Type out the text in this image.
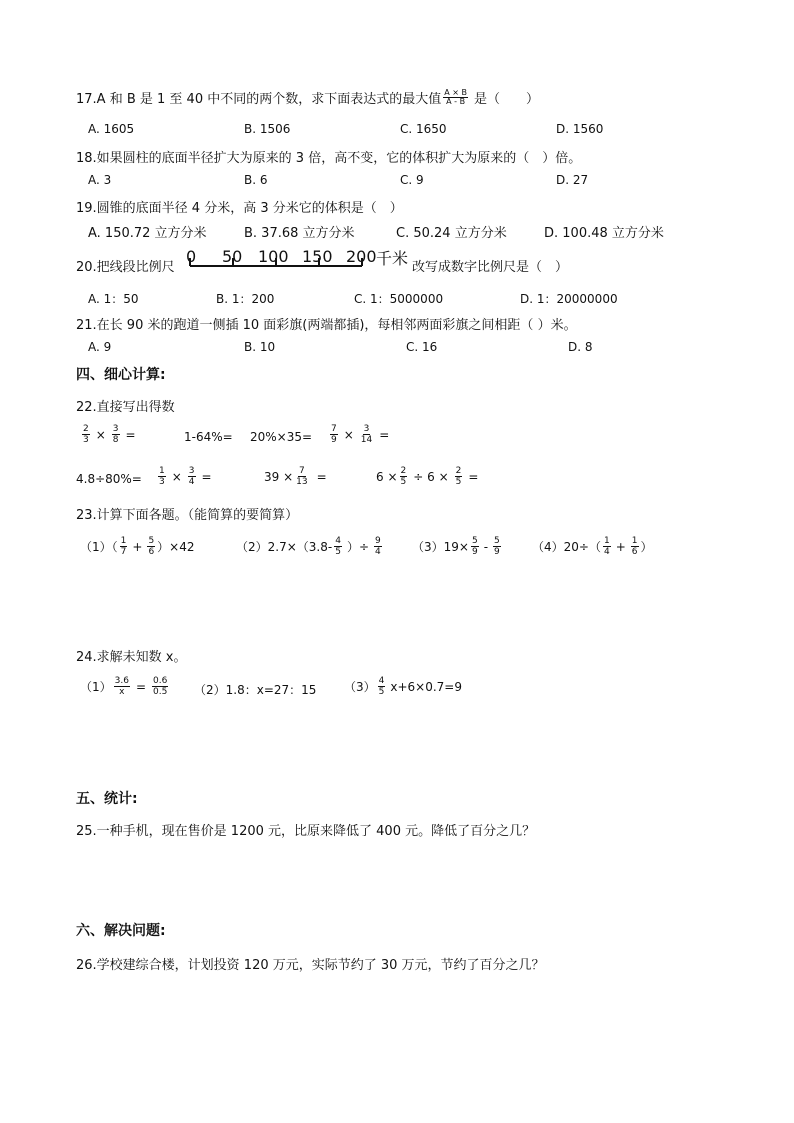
17.A 和 B 是 1 至 40 中不同的两个数，求下面表达式的最大值 $\frac{A \times B}{A - B}$ 是（　　）
A. 1605	B. 1506	C. 1650	D. 1560
18.如果圆柱的底面半径扩大为原来的 3 倍，高不变，它的体积扩大为原来的（　）倍。
A. 3	B. 6	C. 9	D. 27
19.圆锥的底面半径 4 分米，高 3 分米它的体积是（　）
A. 150.72 立方分米	B. 37.68 立方分米	C. 50.24 立方分米	D. 100.48 立方分米
20.把线段比例尺
0 50 100 150 200 千米 改写成数字比例尺是（　）
A. 1：50	B. 1：200	C. 1：5000000	D. 1：20000000
21.在长 90 米的跑道一侧插 10 面彩旗(两端都插)，每相邻两面彩旗之间相距（ ）米。
A. 9	B. 10	C. 16	D. 8
四、细心计算:
22.直接写出得数
$\frac{2}{3} \times \frac{3}{8}$ =	$1-64\%= 20\%\times 35= \frac{7}{9} \times \frac{3}{14}$ =
$4.8\div 80\%= \frac{1}{3} \times \frac{3}{4}$ =	$39 \times \frac{7}{13}$ =	$6 \times \frac{2}{5} \div 6 \times \frac{2}{5}$ =
23.计算下面各题。（能简算的要简算）
$(1)( \frac{1}{7} + \frac{5}{6} )\times 42$	$(2)2.7\times(3.8- \frac{4}{5}$ ）÷ $\frac{9}{4}$	$(3)19\times \frac{5}{9} - \frac{5}{9}$	$(4)20\div( \frac{1}{4} + \frac{1}{6}$ ）
24.求解未知数 x。
$(1) \frac{3.6}{x} = \frac{0.6}{0.5} (2)1.8$：x=27：15 $(3) \frac{4}{5} x+6\times 0.7=9$
五、统计:
25.一种手机，现在售价是 1200 元，比原来降低了 400 元。降低了百分之几？
六、解决问题:
26.学校建综合楼，计划投资 120 万元，实际节约了 30 万元，节约了百分之几？
